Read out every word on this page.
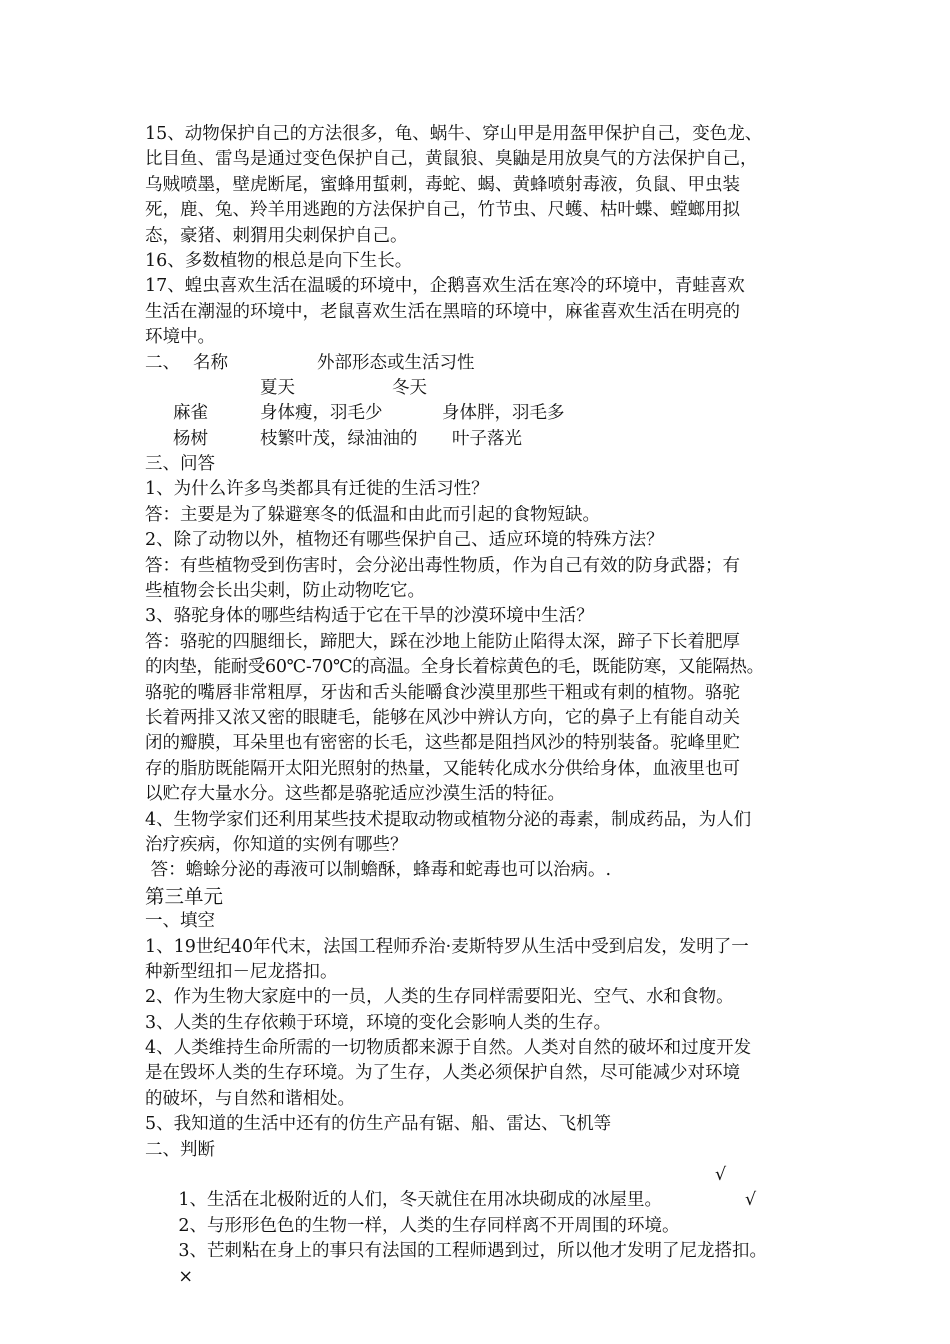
15、动物保护自己的方法很多，龟、蜗牛、穿山甲是用盔甲保护自己，变色龙、
比目鱼、雷鸟是通过变色保护自己，黄鼠狼、臭鼬是用放臭气的方法保护自己，
乌贼喷墨，壁虎断尾，蜜蜂用蜇刺，毒蛇、蝎、黄蜂喷射毒液，负鼠、甲虫装
死，鹿、兔、羚羊用逃跑的方法保护自己，竹节虫、尺蠖、枯叶蝶、螳螂用拟
态，豪猪、刺猬用尖刺保护自己。
16、多数植物的根总是向下生长。
17、蝗虫喜欢生活在温暖的环境中，企鹅喜欢生活在寒冷的环境中，青蛙喜欢
生活在潮湿的环境中，老鼠喜欢生活在黑暗的环境中，麻雀喜欢生活在明亮的
环境中。
二、 名称	外部形态或生活习性
夏天	冬天
麻雀	身体瘦，羽毛少	身体胖，羽毛多
杨树	枝繁叶茂，绿油油的 叶子落光
三、问答
1、为什么许多鸟类都具有迁徙的生活习性？
答：主要是为了躲避寒冬的低温和由此而引起的食物短缺。
2、除了动物以外，植物还有哪些保护自己、适应环境的特殊方法？
答：有些植物受到伤害时，会分泌出毒性物质，作为自己有效的防身武器；有
些植物会长出尖刺，防止动物吃它。
3、骆驼身体的哪些结构适于它在干旱的沙漠环境中生活？
答：骆驼的四腿细长，蹄肥大，踩在沙地上能防止陷得太深，蹄子下长着肥厚
的肉垫，能耐受60℃-70℃的高温。全身长着棕黄色的毛，既能防寒，又能隔热。
骆驼的嘴唇非常粗厚，牙齿和舌头能嚼食沙漠里那些干粗或有刺的植物。骆驼
长着两排又浓又密的眼睫毛，能够在风沙中辨认方向，它的鼻子上有能自动关
闭的瓣膜，耳朵里也有密密的长毛，这些都是阻挡风沙的特别装备。驼峰里贮
存的脂肪既能隔开太阳光照射的热量，又能转化成水分供给身体，血液里也可
以贮存大量水分。这些都是骆驼适应沙漠生活的特征。
4、生物学家们还利用某些技术提取动物或植物分泌的毒素，制成药品，为人们
治疗疾病，你知道的实例有哪些？
答：蟾蜍分泌的毒液可以制蟾酥，蜂毒和蛇毒也可以治病。.
第三单元
一、填空
1、19世纪40年代末，法国工程师乔治·麦斯特罗从生活中受到启发，发明了一
种新型纽扣－尼龙搭扣。
2、作为生物大家庭中的一员，人类的生存同样需要阳光、空气、水和食物。
3、人类的生存依赖于环境，环境的变化会影响人类的生存。
4、人类维持生命所需的一切物质都来源于自然。人类对自然的破坏和过度开发
是在毁坏人类的生存环境。为了生存，人类必须保护自然，尽可能减少对环境
的破坏，与自然和谐相处。
5、我知道的生活中还有的仿生产品有锯、船、雷达、飞机等
二、判断

1、生活在北极附近的人们，冬天就住在用冰块砌成的冰屋里。

√

2、与形形色色的生物一样，人类的生存同样离不开周围的环境。

√

3、芒刺粘在身上的事只有法国的工程师遇到过，所以他才发明了尼龙搭扣。
×
